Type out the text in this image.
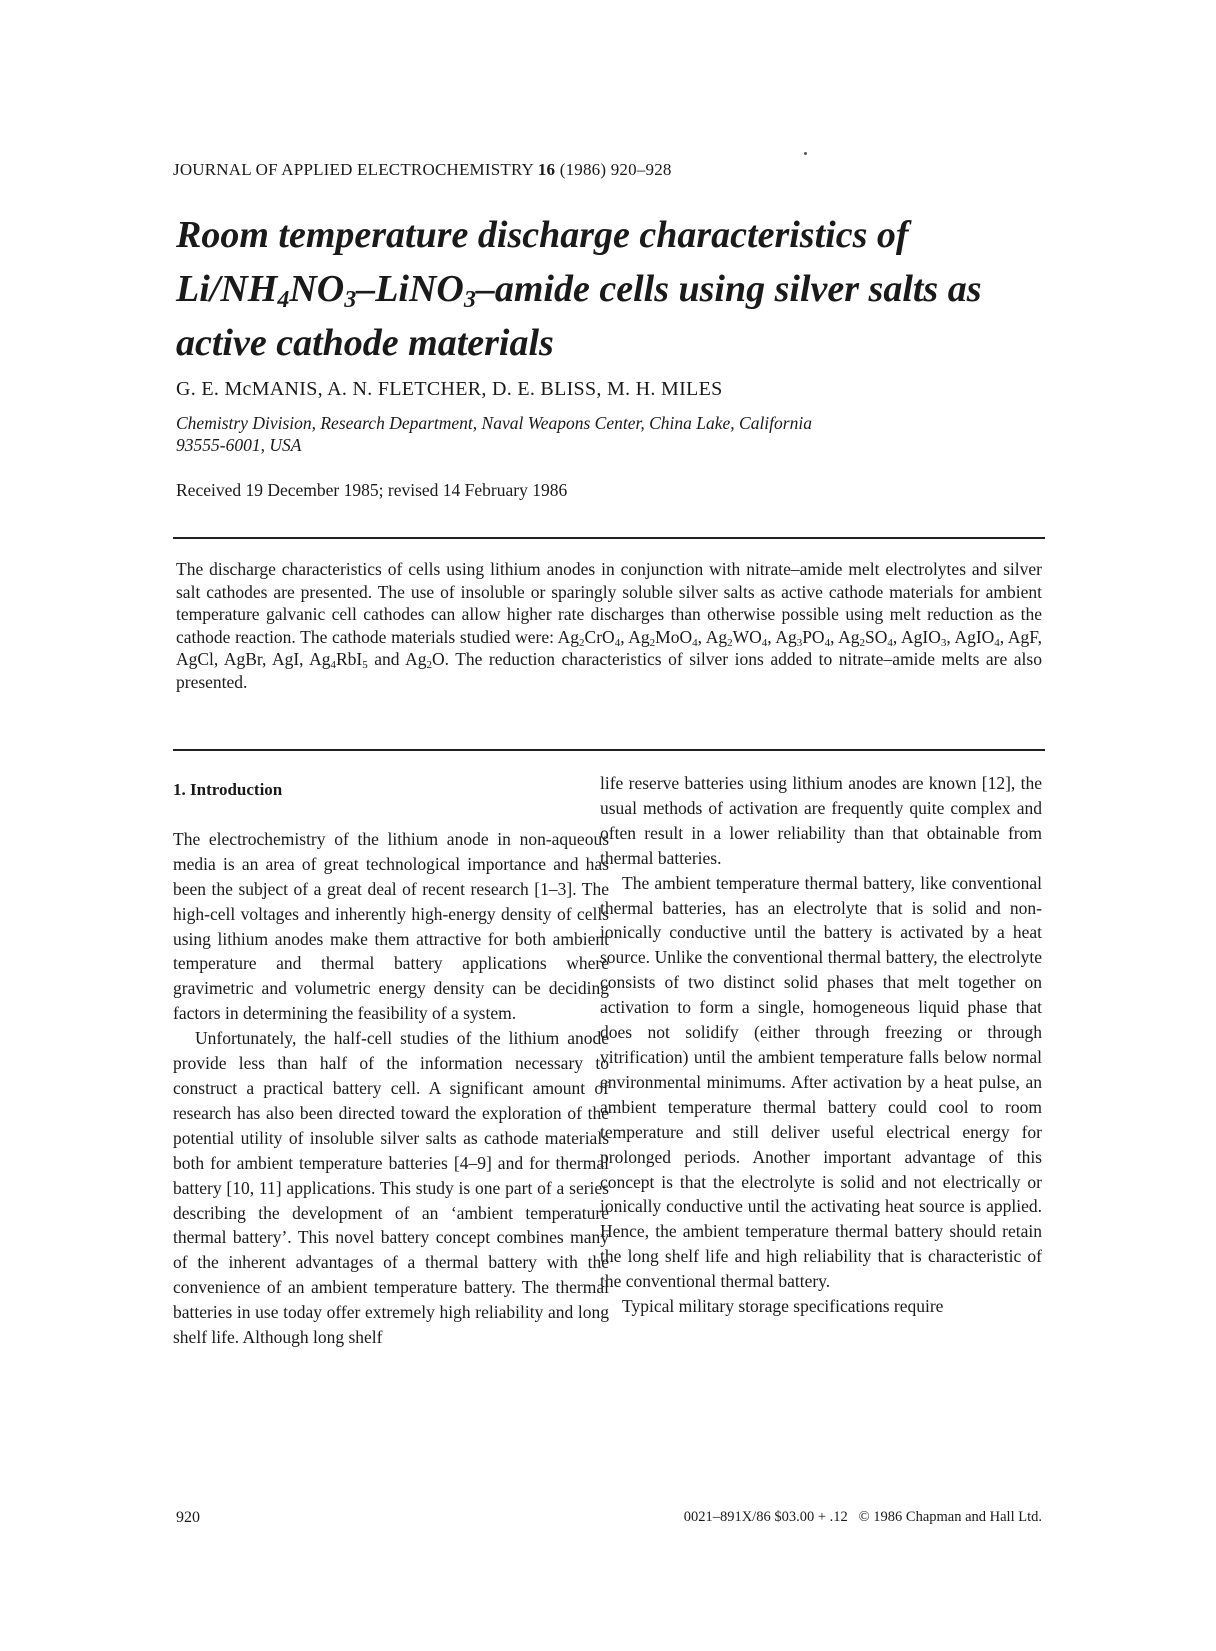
JOURNAL OF APPLIED ELECTROCHEMISTRY 16 (1986) 920–928
Room temperature discharge characteristics of
$Li/NH_4NO_3-LiNO_3$–amide cells using silver salts as
active cathode materials
G. E. McMANIS, A. N. FLETCHER, D. E. BLISS, M. H. MILES
Chemistry Division, Research Department, Naval Weapons Center, China Lake, California
93555-6001, USA
Received 19 December 1985; revised 14 February 1986
The discharge characteristics of cells using lithium anodes in conjunction with nitrate–amide melt electrolytes and silver salt cathodes are presented. The use of insoluble or sparingly soluble silver salts as active cathode materials for ambient temperature galvanic cell cathodes can allow higher rate discharges than otherwise possible using melt reduction as the cathode reaction. The cathode materials studied were: $Ag_2CrO_4$, $Ag_2MoO_4$, $Ag_2WO_4$, $Ag_3PO_4$, $Ag_2SO_4$, AgIO$_3$, AgIO$_4$, AgF, AgCl, AgBr, AgI, $Ag_4RbI_5$ and $Ag_2O$. The reduction characteristics of silver ions added to nitrate–amide melts are also presented.

1. Introduction

The electrochemistry of the lithium anode in non-aqueous media is an area of great technological importance and has been the subject of a great deal of recent research [1–3]. The high-cell voltages and inherently high-energy density of cells using lithium anodes make them attractive for both ambient temperature and thermal battery applications where gravimetric and volumetric energy density can be deciding factors in determining the feasibility of a system.

Unfortunately, the half-cell studies of the lithium anode provide less than half of the information necessary to construct a practical battery cell. A significant amount of research has also been directed toward the exploration of the potential utility of insoluble silver salts as cathode materials both for ambient temperature batteries [4–9] and for thermal battery [10, 11] applications. This study is one part of a series describing the development of an ‘ambient temperature thermal battery’. This novel battery concept combines many of the inherent advantages of a thermal battery with the convenience of an ambient temperature battery. The thermal batteries in use today offer extremely high reliability and long shelf life. Although long shelf

life reserve batteries using lithium anodes are known [12], the usual methods of activation are frequently quite complex and often result in a lower reliability than that obtainable from thermal batteries.

The ambient temperature thermal battery, like conventional thermal batteries, has an electrolyte that is solid and non-ionically conductive until the battery is activated by a heat source. Unlike the conventional thermal battery, the electrolyte consists of two distinct solid phases that melt together on activation to form a single, homogeneous liquid phase that does not solidify (either through freezing or through vitrification) until the ambient temperature falls below normal environmental minimums. After activation by a heat pulse, an ambient temperature thermal battery could cool to room temperature and still deliver useful electrical energy for prolonged periods. Another important advantage of this concept is that the electrolyte is solid and not electrically or ionically conductive until the activating heat source is applied. Hence, the ambient temperature thermal battery should retain the long shelf life and high reliability that is characteristic of the conventional thermal battery.

Typical military storage specifications require

920	0021–891X/86 $03.00 + .12 © 1986 Chapman and Hall Ltd.
